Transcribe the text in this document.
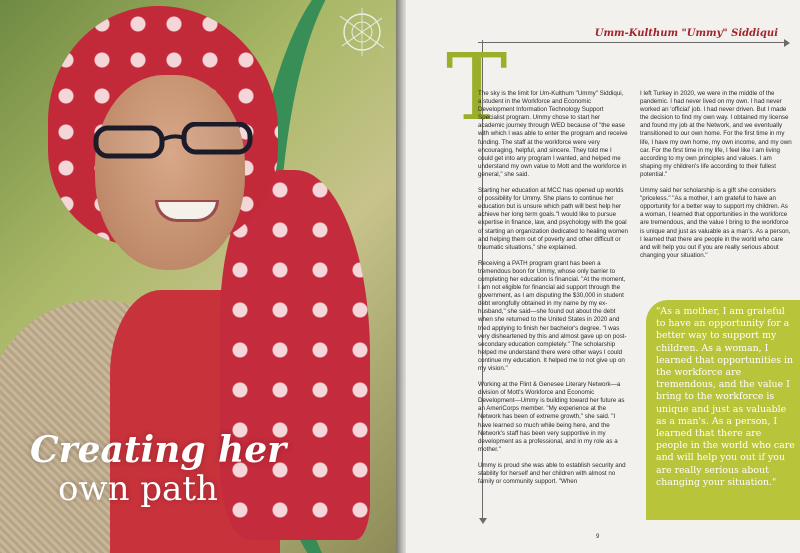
Creating her
own path
Umm-Kulthum "Ummy" Siddiqui
T

The sky is the limit for Um-Kulthum "Ummy" Siddiqui, a student in the Workforce and Economic Development Information Technology Support Specialist program. Ummy chose to start her academic journey through WED because of "the ease with which I was able to enter the program and receive funding. The staff at the workforce were very encouraging, helpful, and sincere. They told me I could get into any program I wanted, and helped me understand my own value to Mott and the workforce in general," she said.

Starting her education at MCC has opened up worlds of possibility for Ummy. She plans to continue her education but is unsure which path will best help her achieve her long term goals."I would like to pursue expertise in finance, law, and psychology with the goal of starting an organization dedicated to healing women and helping them out of poverty and other difficult or traumatic situations," she explained.

Receiving a PATH program grant has been a tremendous boon for Ummy, whose only barrier to completing her education is financial. "At the moment, I am not eligible for financial aid support through the government, as I am disputing the $30,000 in student debt wrongfully obtained in my name by my ex-husband," she said—she found out about the debt when she returned to the United States in 2020 and tried applying to finish her bachelor's degree. "I was very disheartened by this and almost gave up on post-secondary education completely." The scholarship helped me understand there were other ways I could continue my education. It helped me to not give up on my vision."

Working at the Flint & Genesee Literary Network—a division of Mott's Workforce and Economic Development—Ummy is building toward her future as an AmeriCorps member. "My experience at the Network has been of extreme growth," she said. "I have learned so much while being here, and the Network's staff has been very supportive in my development as a professional, and in my role as a mother."

Ummy is proud she was able to establish security and stability for herself and her children with almost no family or community support. "When

I left Turkey in 2020, we were in the middle of the pandemic. I had never lived on my own. I had never worked an 'official' job. I had never driven. But I made the decision to find my own way. I obtained my license and found my job at the Network, and we eventually transitioned to our own home. For the first time in my life, I have my own home, my own income, and my own car. For the first time in my life, I feel like I am living according to my own principles and values. I am shaping my children's life according to their fullest potential."

Ummy said her scholarship is a gift she considers "priceless." "As a mother, I am grateful to have an opportunity for a better way to support my children. As a woman, I learned that opportunities in the workforce are tremendous, and the value I bring to the workforce is unique and just as valuable as a man's. As a person, I learned that there are people in the world who care and will help you out if you are really serious about changing your situation."

"As a mother, I am grateful to have an opportunity for a better way to support my children. As a woman, I learned that opportunities in the workforce are tremendous, and the value I bring to the workforce is unique and just as valuable as a man's. As a person, I learned that there are people in the world who care and will help you out if you are really serious about changing your situation."
9
